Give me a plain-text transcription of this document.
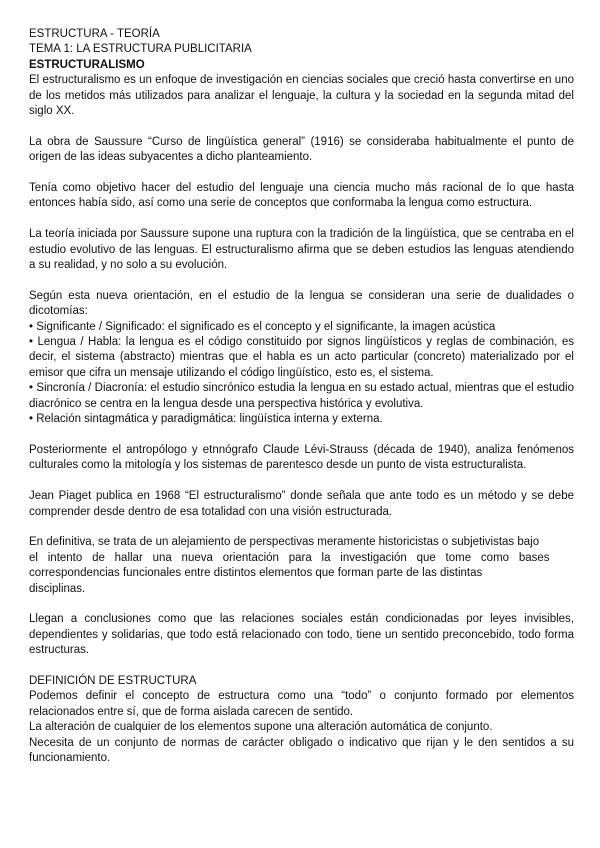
ESTRUCTURA - TEORÍA
TEMA 1: LA ESTRUCTURA PUBLICITARIA
ESTRUCTURALISMO

El estructuralismo es un enfoque de investigación en ciencias sociales que creció hasta convertirse en uno de los metidos más utilizados para analizar el lenguaje, la cultura y la sociedad en la segunda mitad del siglo XX.

La obra de Saussure “Curso de lingüística general” (1916) se consideraba habitualmente el punto de origen de las ideas subyacentes a dicho planteamiento.

Tenía como objetivo hacer del estudio del lenguaje una ciencia mucho más racional de lo que hasta entonces había sido, así como una serie de conceptos que conformaba la lengua como estructura.

La teoría iniciada por Saussure supone una ruptura con la tradición de la lingüística, que se centraba en el estudio evolutivo de las lenguas. El estructuralismo afirma que se deben estudios las lenguas atendiendo a su realidad, y no solo a su evolución.

Según esta nueva orientación, en el estudio de la lengua se consideran una serie de dualidades o dicotomías:

• Significante / Significado: el significado es el concepto y el significante, la imagen acústica
• Lengua / Habla: la lengua es el código constituido por signos lingüísticos y reglas de combinación, es decir, el sistema (abstracto) mientras que el habla es un acto particular (concreto) materializado por el emisor que cifra un mensaje utilizando el código lingüístico, esto es, el sistema.
• Sincronía / Diacronía: el estudio sincrónico estudia la lengua en su estado actual, mientras que el estudio diacrónico se centra en la lengua desde una perspectiva histórica y evolutiva.
• Relación sintagmática y paradigmática: lingüística interna y externa.

Posteriormente el antropólogo y etnnógrafo Claude Lévi-Strauss (década de 1940), analiza fenómenos culturales como la mitología y los sistemas de parentesco desde un punto de vista estructuralista.

Jean Piaget publica en 1968 “El estructuralismo” donde señala que ante todo es un método y se debe comprender desde dentro de esa totalidad con una visión estructurada.

En definitiva, se trata de un alejamiento de perspectivas meramente historicistas o subjetivistas bajo
el intento de hallar una nueva orientación para la investigación que tome como bases
correspondencias funcionales entre distintos elementos que forman parte de las distintas
disciplinas.

Llegan a conclusiones como que las relaciones sociales están condicionadas por leyes invisibles, dependientes y solidarias, que todo está relacionado con todo, tiene un sentido preconcebido, todo forma estructuras.

DEFINICIÓN DE ESTRUCTURA

Podemos definir el concepto de estructura como una “todo” o conjunto formado por elementos relacionados entre sí, que de forma aislada carecen de sentido.

La alteración de cualquier de los elementos supone una alteración automática de conjunto.

Necesita de un conjunto de normas de carácter obligado o indicativo que rijan y le den sentidos a su funcionamiento.
